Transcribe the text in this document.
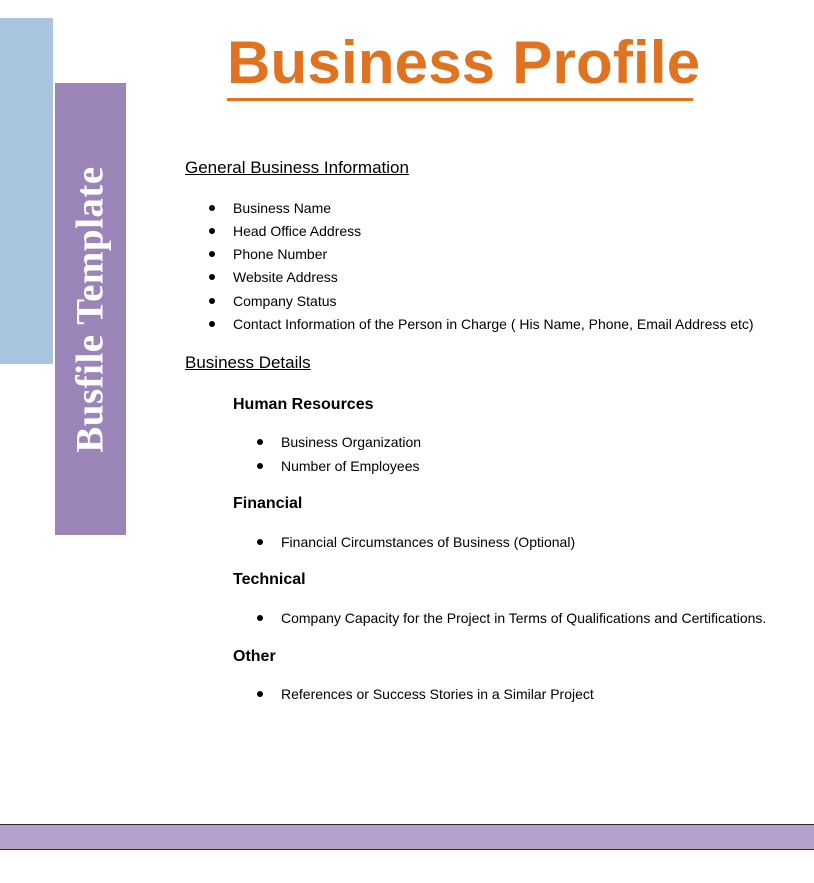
Busfile Template
Business Profile
General Business Information
Business Name
Head Office Address
Phone Number
Website Address
Company Status
Contact Information of the Person in Charge ( His Name, Phone, Email Address etc)
Business Details
Human Resources
Business Organization
Number of Employees
Financial
Financial Circumstances of Business (Optional)
Technical
Company Capacity for the Project in Terms of Qualifications and Certifications.
Other
References or Success Stories in a Similar Project
